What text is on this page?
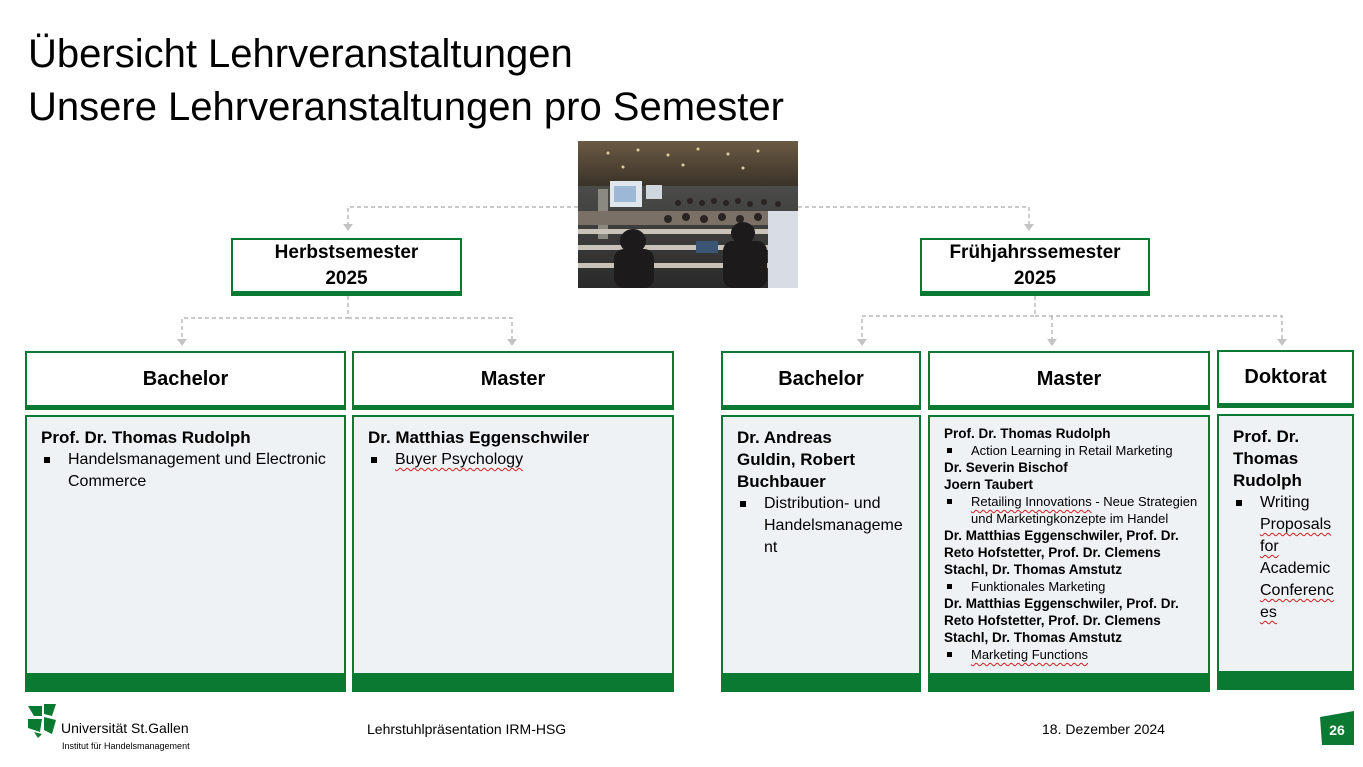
Übersicht Lehrveranstaltungen
Unsere Lehrveranstaltungen pro Semester
Herbstsemester
2025
Frühjahrssemester
2025
Bachelor
Prof. Dr. Thomas Rudolph
Handelsmanagement und Electronic Commerce
Master
Dr. Matthias Eggenschwiler
Buyer Psychology
Bachelor
Dr. Andreas Guldin, Robert Buchbauer
Distribution- und Handelsmanageme
nt
Master
Prof. Dr. Thomas Rudolph
Action Learning in Retail Marketing
Dr. Severin Bischof
Joern Taubert
Retailing Innovations - Neue Strategien und Marketingkonzepte im Handel
Dr. Matthias Eggenschwiler, Prof. Dr. Reto Hofstetter, Prof. Dr. Clemens Stachl, Dr. Thomas Amstutz
Funktionales Marketing
Dr. Matthias Eggenschwiler, Prof. Dr. Reto Hofstetter, Prof. Dr. Clemens Stachl, Dr. Thomas Amstutz
Marketing Functions
Doktorat
Prof. Dr. Thomas Rudolph
Writing
Proposals
for
Academic
Conferenc
es
Universität St.Gallen
Institut für Handelsmanagement
Lehrstuhlpräsentation IRM-HSG	18. Dezember 2024	26
